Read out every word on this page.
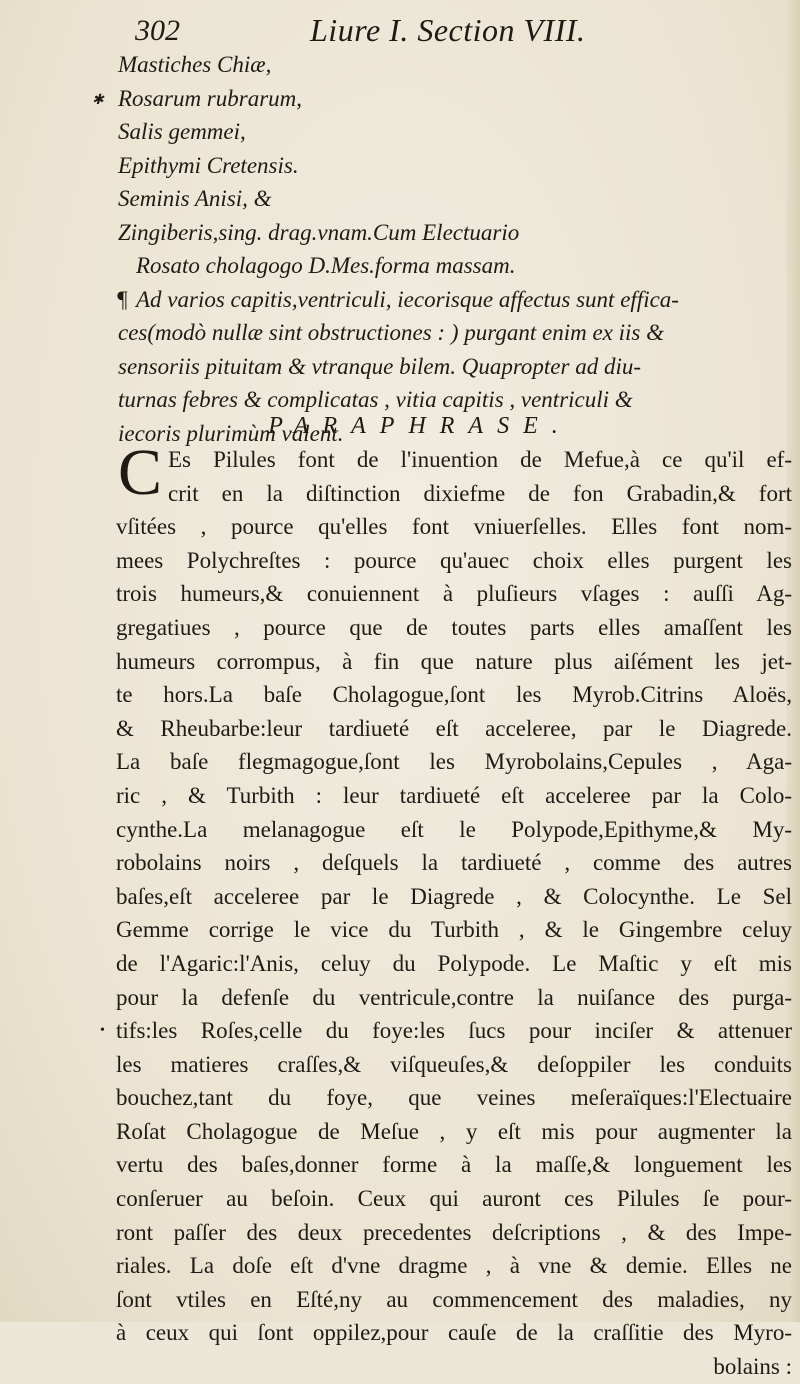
302	Liure I. Section VIII.
Mastiches Chiæ,
✱ Rosarum rubrarum,
Salis gemmei,
Epithymi Cretensis.
Seminis Anisi, &
Zingiberis,sing. drag.vnam.Cum Electuario
Rosato cholagogo D.Mes.forma massam.
¶ Ad varios capitis,ventriculi, iecorisque affectus sunt effica-
ces(modò nullæ sint obstructiones : ) purgant enim ex iis &
sensoriis pituitam & vtranque bilem. Quapropter ad diu-
turnas febres & complicatas , vitia capitis , ventriculi &
iecoris plurimùm valent.
PARAPHRASE.
C Es Pilules font de l'inuention de Mefue,à ce qu'il ef-
crit en la diſtinction dixiefme de fon Grabadin,& fort
vſitées , pource qu'elles font vniuerſelles. Elles font nom-
mees Polychreſtes : pource qu'auec choix elles purgent les
trois humeurs,& conuiennent à pluſieurs vſages : auſſi Ag-
gregatiues , pource que de toutes parts elles amaſſent les
humeurs corrompus, à fin que nature plus aiſément les jet-
te hors.La baſe Cholagogue,ſont les Myrob.Citrins Aloës,
& Rheubarbe:leur tardiueté eſt acceleree, par le Diagrede.
La baſe flegmagogue,ſont les Myrobolains,Cepules , Aga-
ric , & Turbith : leur tardiueté eſt acceleree par la Colo-
cynthe.La melanagogue eſt le Polypode,Epithyme,& My-
robolains noirs , deſquels la tardiueté , comme des autres
baſes,eſt acceleree par le Diagrede , & Colocynthe. Le Sel
Gemme corrige le vice du Turbith , & le Gingembre celuy
de l'Agaric:l'Anis, celuy du Polypode. Le Maſtic y eſt mis
pour la defenſe du ventricule,contre la nuiſance des purga-
• tifs:les Roſes,celle du foye:les ſucs pour inciſer & attenuer
les matieres craſſes,& viſqueuſes,& deſoppiler les conduits
bouchez,tant du foye, que veines meſeraïques:l'Electuaire
Roſat Cholagogue de Meſue , y eſt mis pour augmenter la
vertu des baſes,donner forme à la maſſe,& longuement les
conſeruer au beſoin. Ceux qui auront ces Pilules ſe pour-
ront paſſer des deux precedentes deſcriptions , & des Impe-
riales. La doſe eſt d'vne dragme , à vne & demie. Elles ne
ſont vtiles en Eſté,ny au commencement des maladies, ny
à ceux qui ſont oppilez,pour cauſe de la craſſitie des Myro-
bolains :
